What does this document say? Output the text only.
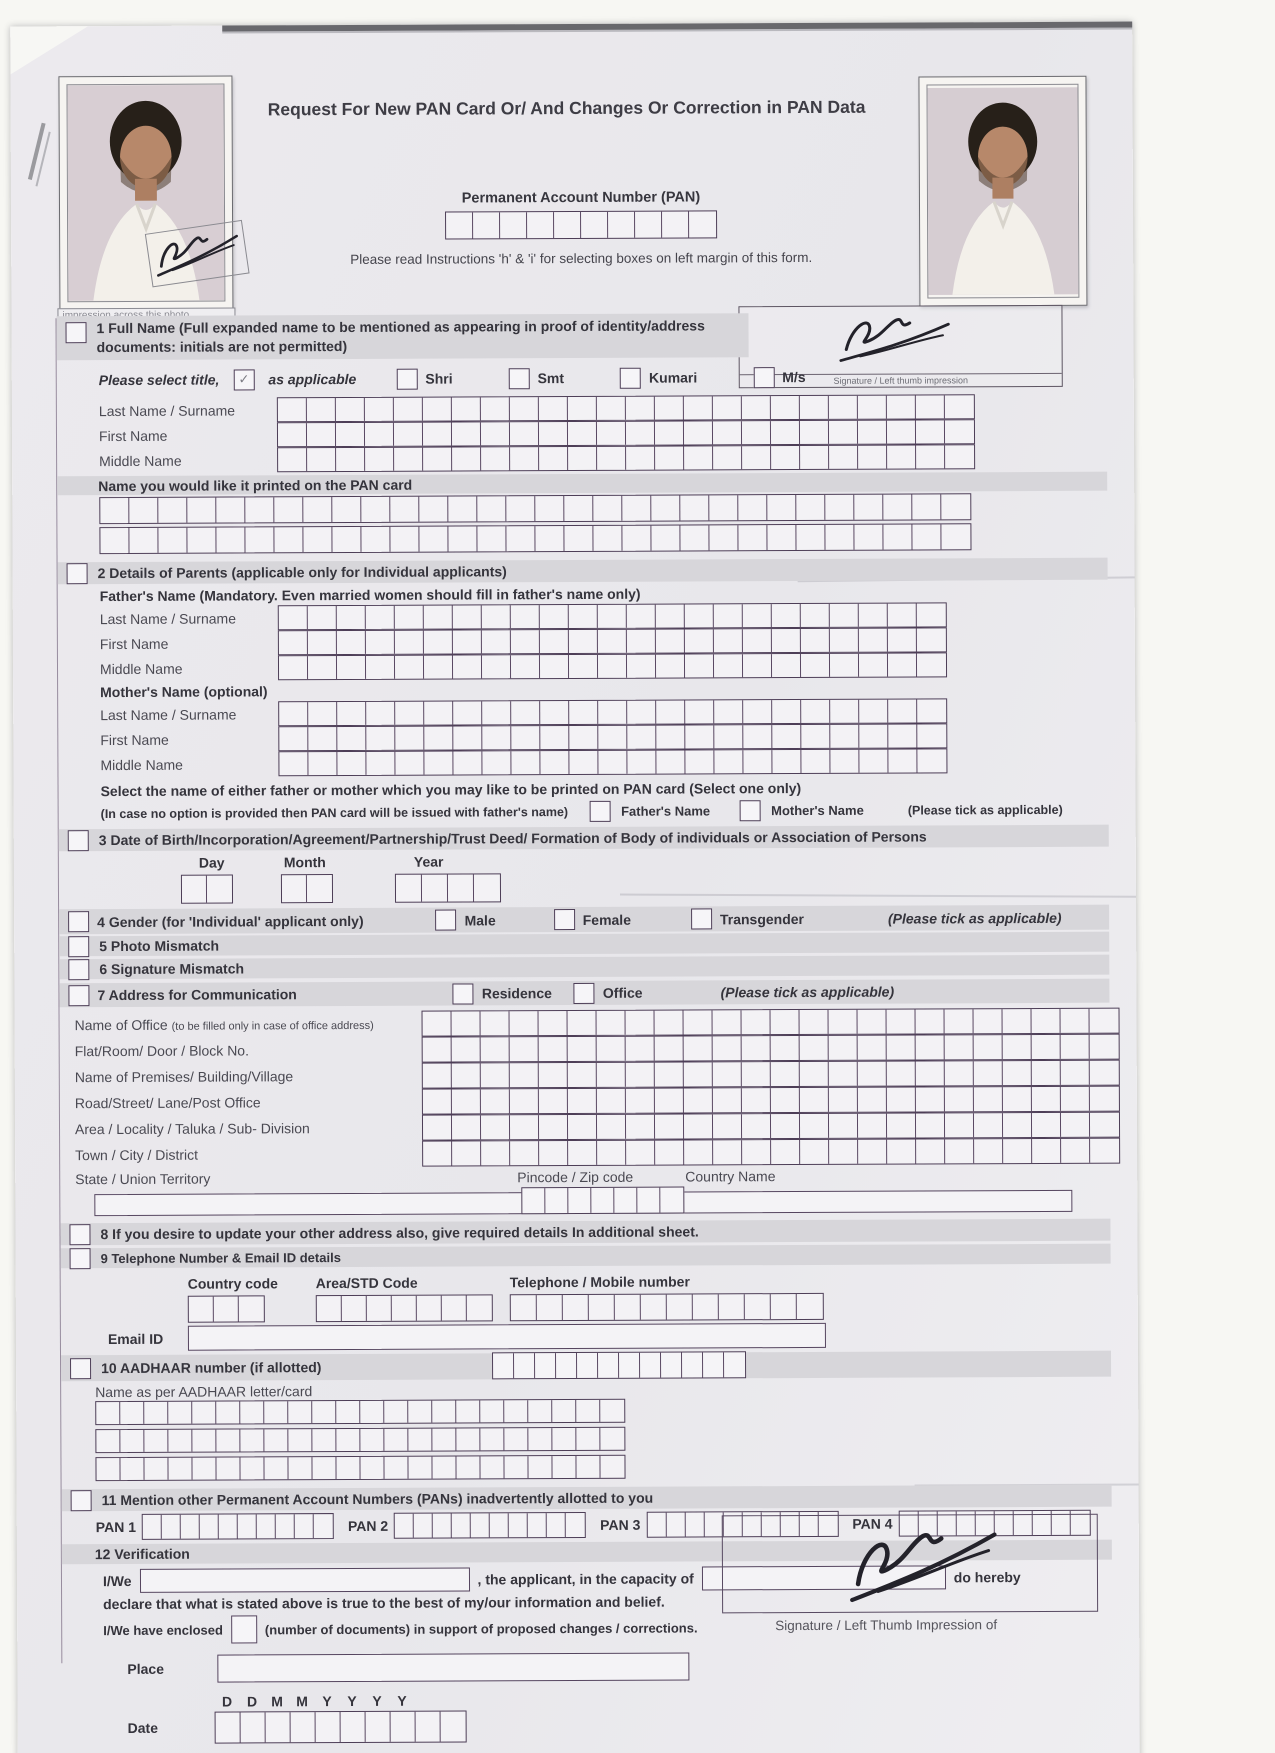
Request For New PAN Card Or/ And Changes Or Correction in PAN Data
Permanent Account Number (PAN)
Please read Instructions 'h' & 'i' for selecting boxes on left margin of this form.
Signature / Left thumb impression
1 Full Name (Full expanded name to be mentioned as appearing in proof of identity/address documents: initials are not permitted)
Please select title,	✓	as applicable	Shri	Smt	Kumari	M/s
Last Name / Surname
First Name
Middle Name
Name you would like it printed on the PAN card

2 Details of Parents (applicable only for Individual applicants)
Father's Name (Mandatory. Even married women should fill in father's name only)
Last Name / Surname
First Name
Middle Name
Mother's Name (optional)
Last Name / Surname
First Name
Middle Name
Select the name of either father or mother which you may like to be printed on PAN card (Select one only)
(In case no option is provided then PAN card will be issued with father's name)	Father's Name	Mother's Name	(Please tick as applicable)
3 Date of Birth/Incorporation/Agreement/Partnership/Trust Deed/ Formation of Body of individuals or Association of Persons
Day	Month	Year
4 Gender (for 'Individual' applicant only)	Male	Female	Transgender	(Please tick as applicable)
5 Photo Mismatch
6 Signature Mismatch
7 Address for Communication	Residence	Office	(Please tick as applicable)
Name of Office (to be filled only in case of office address)
Flat/Room/ Door / Block No.
Name of Premises/ Building/Village
Road/Street/ Lane/Post Office
Area / Locality / Taluka / Sub- Division
Town / City / District
State / Union Territory	Pincode / Zip code	Country Name
8 If you desire to update your other address also, give required details In additional sheet.
9 Telephone Number & Email ID details
Country code	Area/STD Code	Telephone / Mobile number
Email ID
10 AADHAAR number (if allotted)
Name as per AADHAAR letter/card

11 Mention other Permanent Account Numbers (PANs) inadvertently allotted to you
PAN 1	PAN 2	PAN 3	PAN 4
12 Verification
I/We	, the applicant, in the capacity of	do hereby
declare that what is stated above is true to the best of my/our information and belief.
I/We have enclosed	(number of documents) in support of proposed changes / corrections.
Place
D	D	M M	Y	Y	Y	Y
Date
Signature / Left Thumb Impression of
